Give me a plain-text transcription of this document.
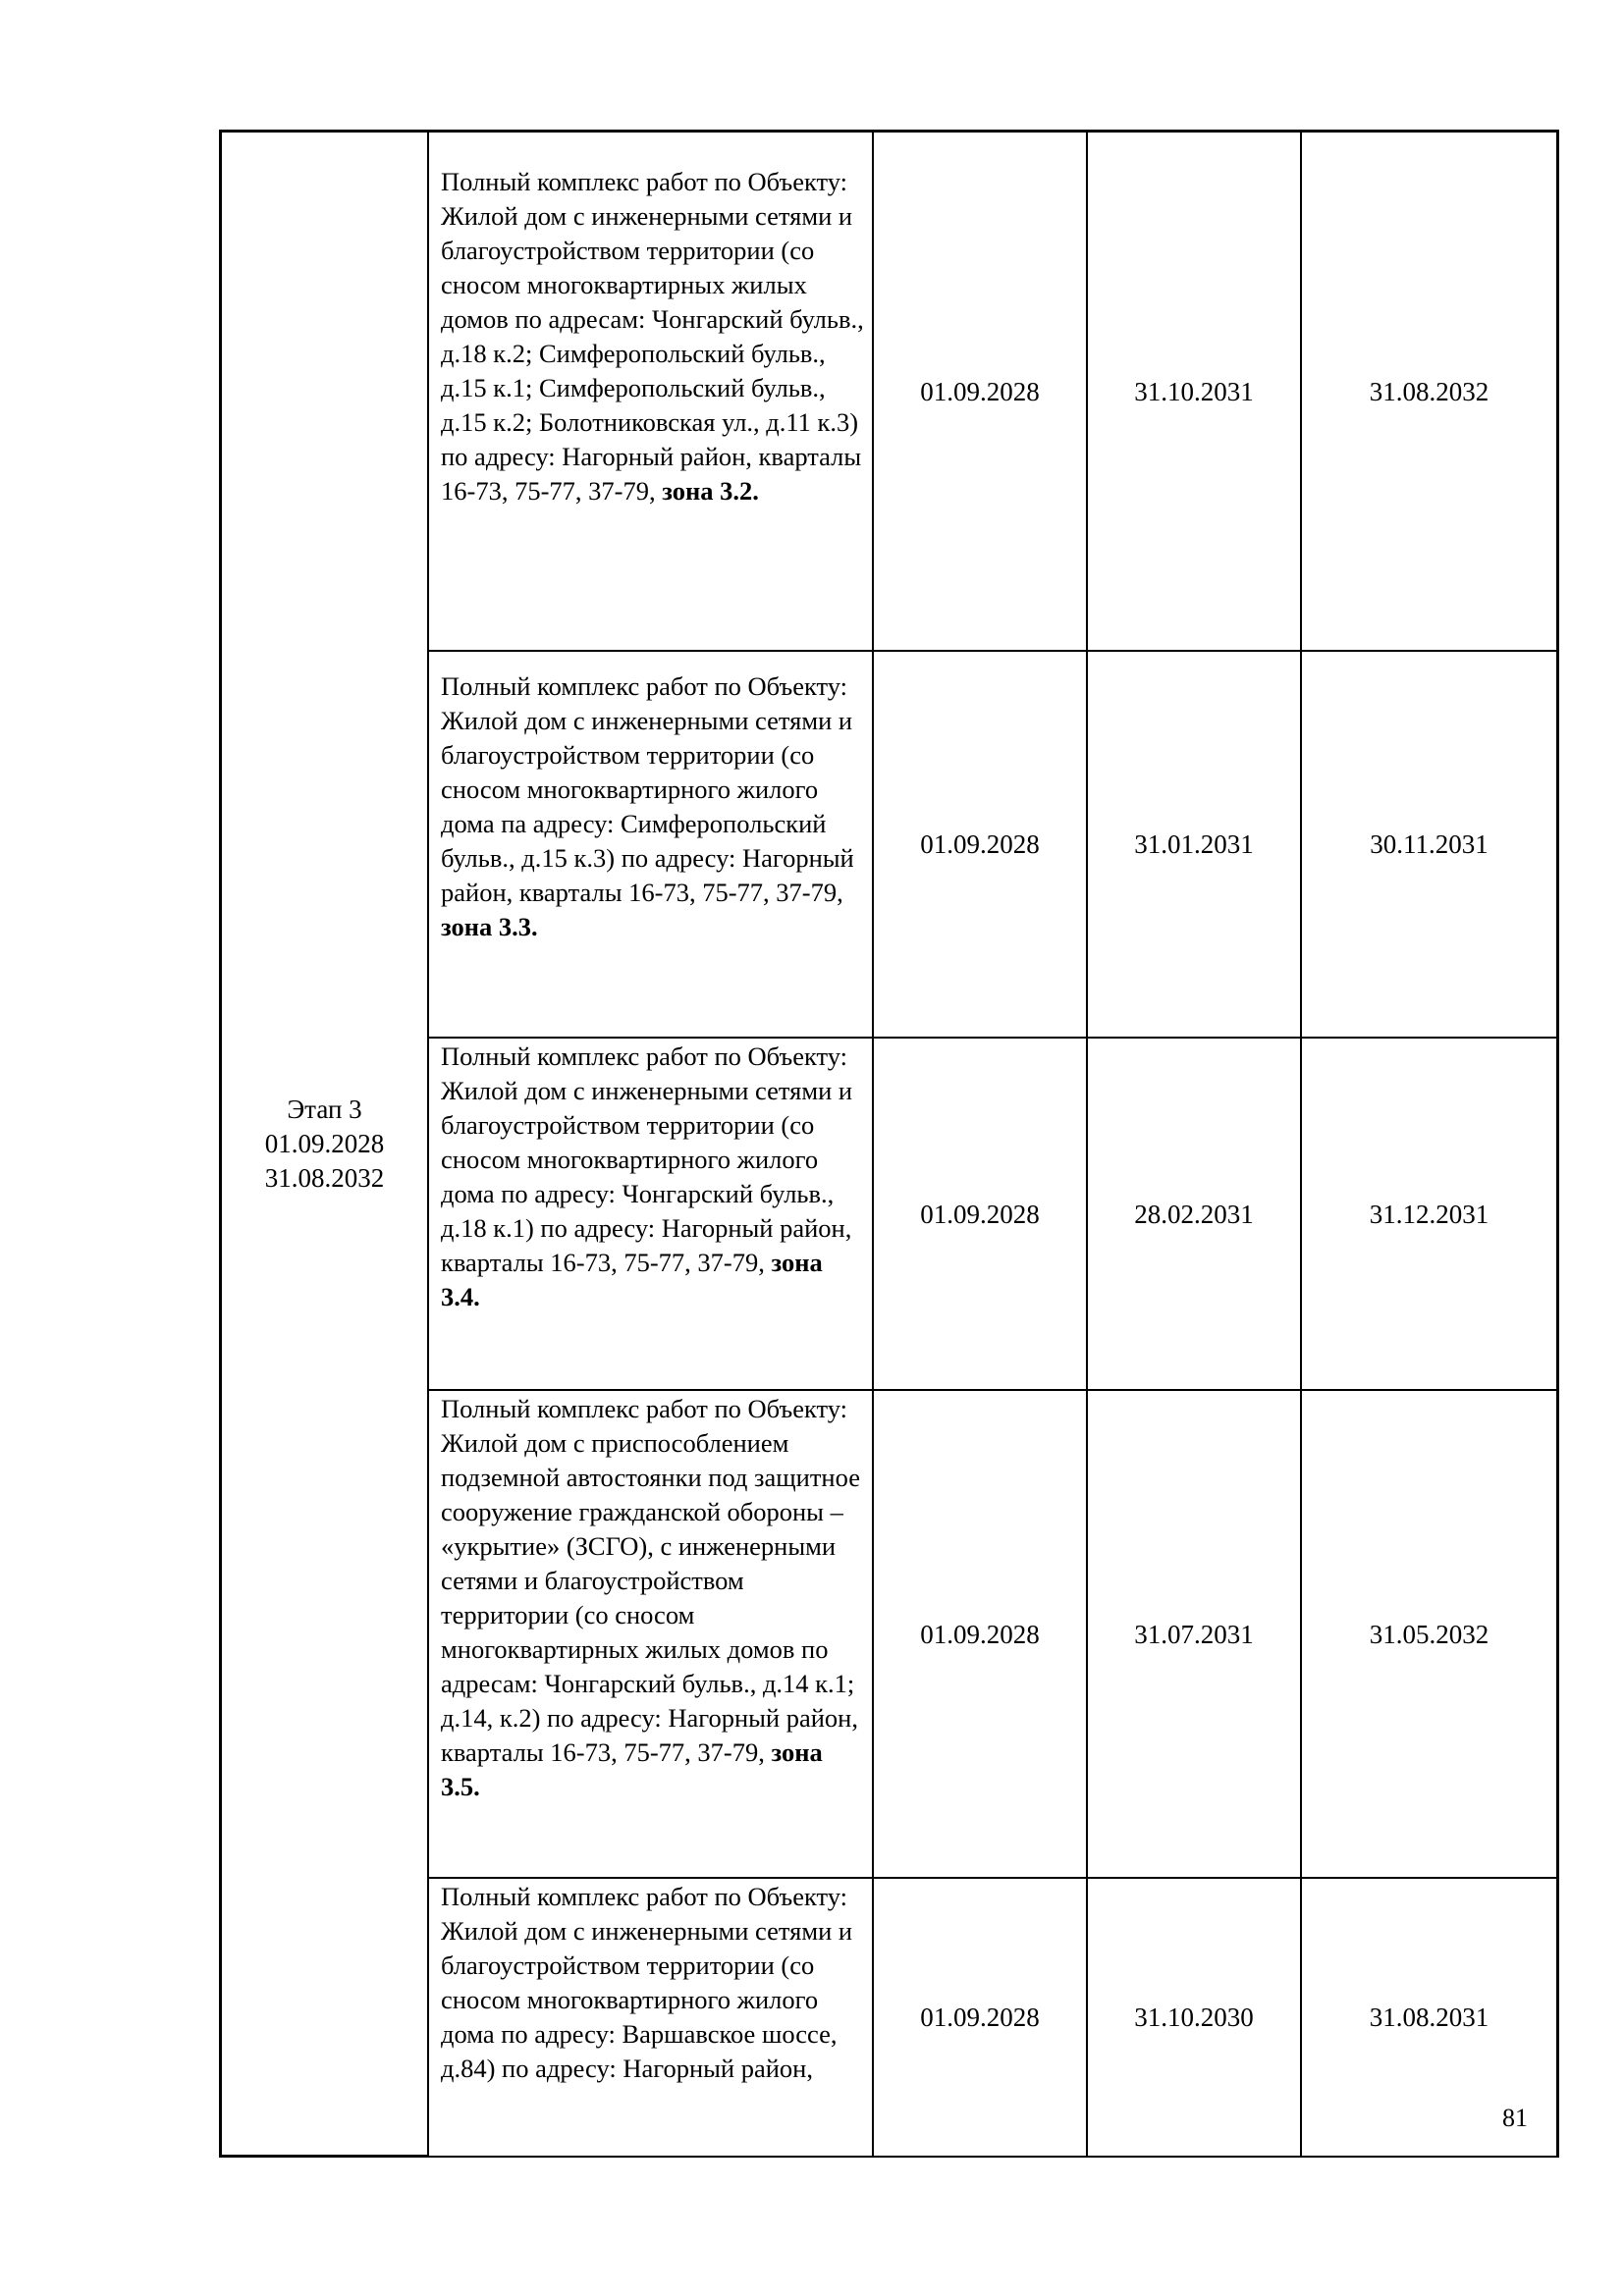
Этап 3
01.09.2028
31.08.2032
Полный комплекс работ по Объекту: Жилой дом с инженерными сетями и благоустройством территории (со сносом многоквартирных жилых домов по адресам: Чонгарский бульв., д.18 к.2; Симферопольский бульв., д.15 к.1; Симферопольский бульв., д.15 к.2; Болотниковская ул., д.11 к.3) по адресу: Нагорный район, кварталы 16-73, 75-77, 37-79, зона 3.2.
01.09.2028	31.10.2031	31.08.2032
Полный комплекс работ по Объекту: Жилой дом с инженерными сетями и благоустройством территории (со сносом многоквартирного жилого дома па адресу: Симферопольский бульв., д.15 к.3) по адресу: Нагорный район, кварталы 16-73, 75-77, 37-79, зона 3.3.
01.09.2028	31.01.2031	30.11.2031
Полный комплекс работ по Объекту: Жилой дом с инженерными сетями и благоустройством территории (со сносом многоквартирного жилого дома по адресу: Чонгарский бульв., д.18 к.1) по адресу: Нагорный район, кварталы 16-73, 75-77, 37-79, зона 3.4.
01.09.2028	28.02.2031	31.12.2031
Полный комплекс работ по Объекту: Жилой дом с приспособлением подземной автостоянки под защитное сооружение гражданской обороны – «укрытие» (ЗСГО), с инженерными сетями и благоустройством территории (со сносом многоквартирных жилых домов по адресам: Чонгарский бульв., д.14 к.1; д.14, к.2) по адресу: Нагорный район, кварталы 16-73, 75-77, 37-79, зона 3.5.
01.09.2028	31.07.2031	31.05.2032
Полный комплекс работ по Объекту: Жилой дом с инженерными сетями и благоустройством территории (со сносом многоквартирного жилого дома по адресу: Варшавское шоссе, д.84) по адресу: Нагорный район,
01.09.2028	31.10.2030	31.08.2031
81
